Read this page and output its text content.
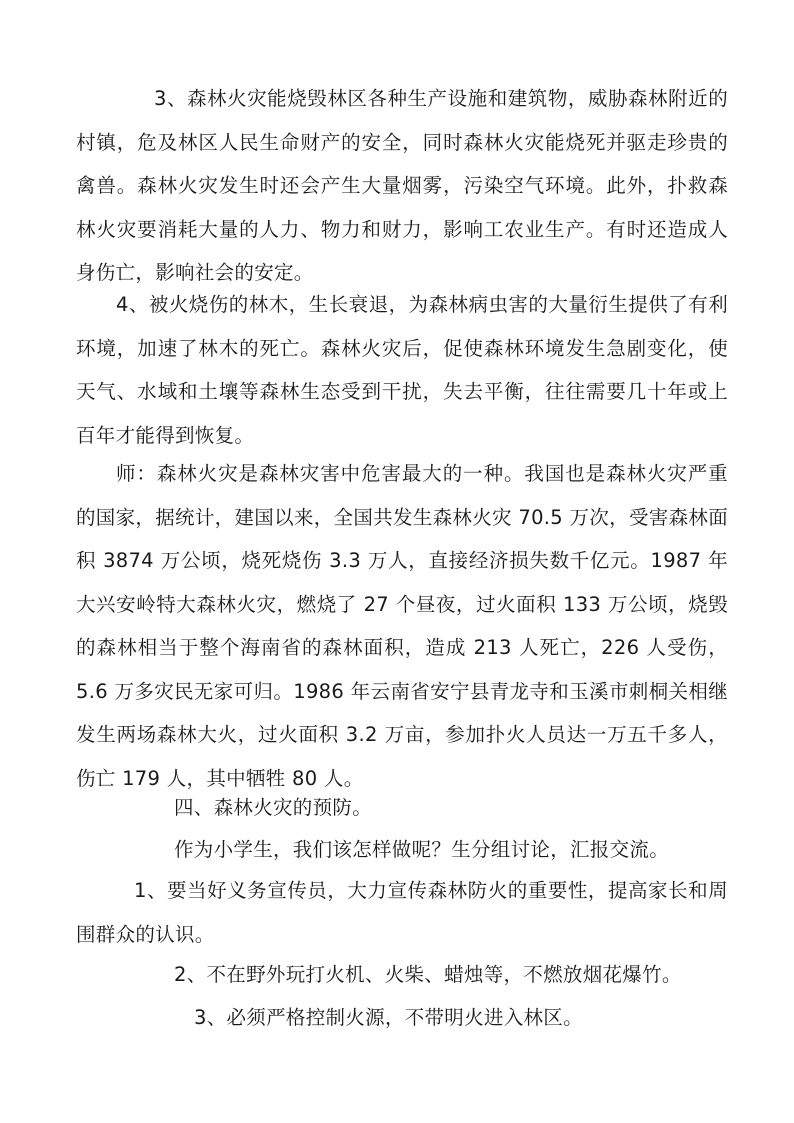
3、森林火灾能烧毁林区各种生产设施和建筑物，威胁森林附近的村镇，危及林区人民生命财产的安全，同时森林火灾能烧死并驱走珍贵的禽兽。森林火灾发生时还会产生大量烟雾，污染空气环境。此外，扑救森林火灾要消耗大量的人力、物力和财力，影响工农业生产。有时还造成人身伤亡，影响社会的安定。

4、被火烧伤的林木，生长衰退，为森林病虫害的大量衍生提供了有利环境，加速了林木的死亡。森林火灾后，促使森林环境发生急剧变化，使天气、水域和土壤等森林生态受到干扰，失去平衡，往往需要几十年或上百年才能得到恢复。

师：森林火灾是森林灾害中危害最大的一种。我国也是森林火灾严重的国家，据统计，建国以来，全国共发生森林火灾 70.5 万次，受害森林面积 3874 万公顷，烧死烧伤 3.3 万人，直接经济损失数千亿元。1987 年大兴安岭特大森林火灾，燃烧了 27 个昼夜，过火面积 133 万公顷，烧毁的森林相当于整个海南省的森林面积，造成 213 人死亡，226 人受伤，5.6 万多灾民无家可归。1986 年云南省安宁县青龙寺和玉溪市刺桐关相继发生两场森林大火，过火面积 3.2 万亩，参加扑火人员达一万五千多人，伤亡 179 人，其中牺牲 80 人。

四、森林火灾的预防。

作为小学生，我们该怎样做呢？生分组讨论，汇报交流。

1、要当好义务宣传员，大力宣传森林防火的重要性，提高家长和周围群众的认识。

2、不在野外玩打火机、火柴、蜡烛等，不燃放烟花爆竹。

3、必须严格控制火源，不带明火进入林区。
